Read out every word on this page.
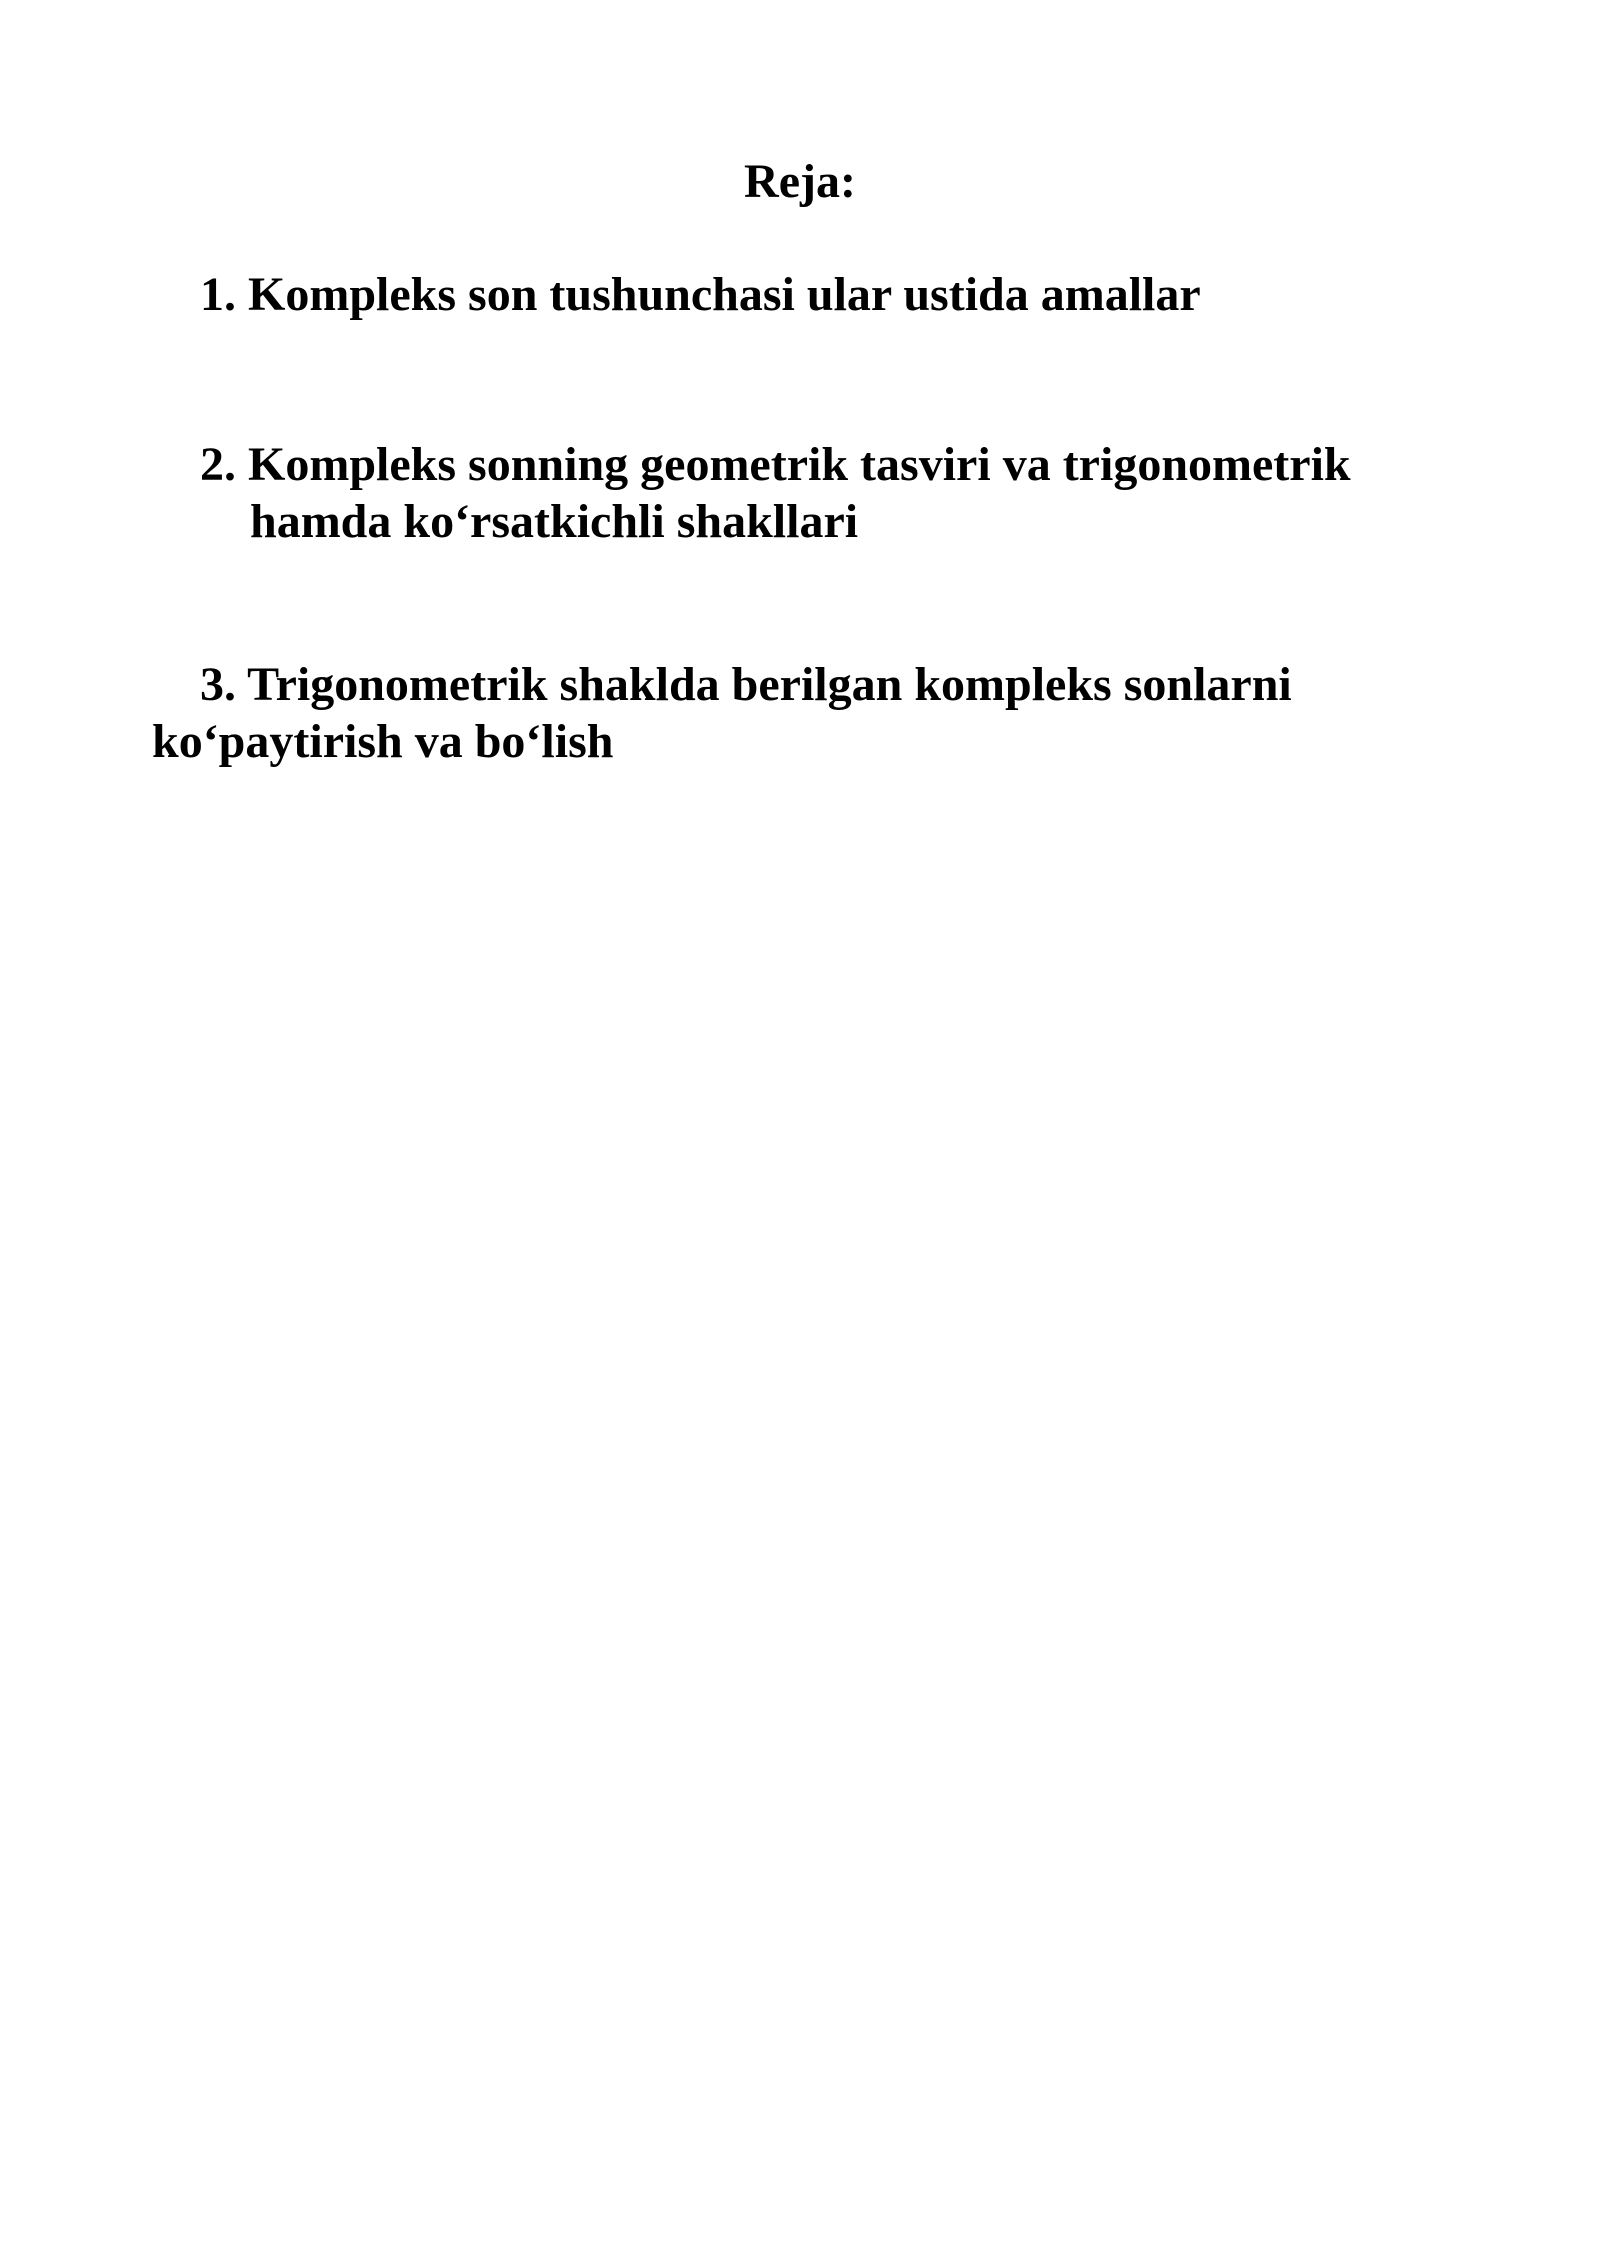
Reja:
1. Kompleks son tushunchasi ular ustida amallar
2. Kompleks sonning geometrik tasviri va trigonometrik
hamda ko‘rsatkichli shakllari
3. Trigonometrik shaklda berilgan kompleks sonlarni
ko‘paytirish va bo‘lish
